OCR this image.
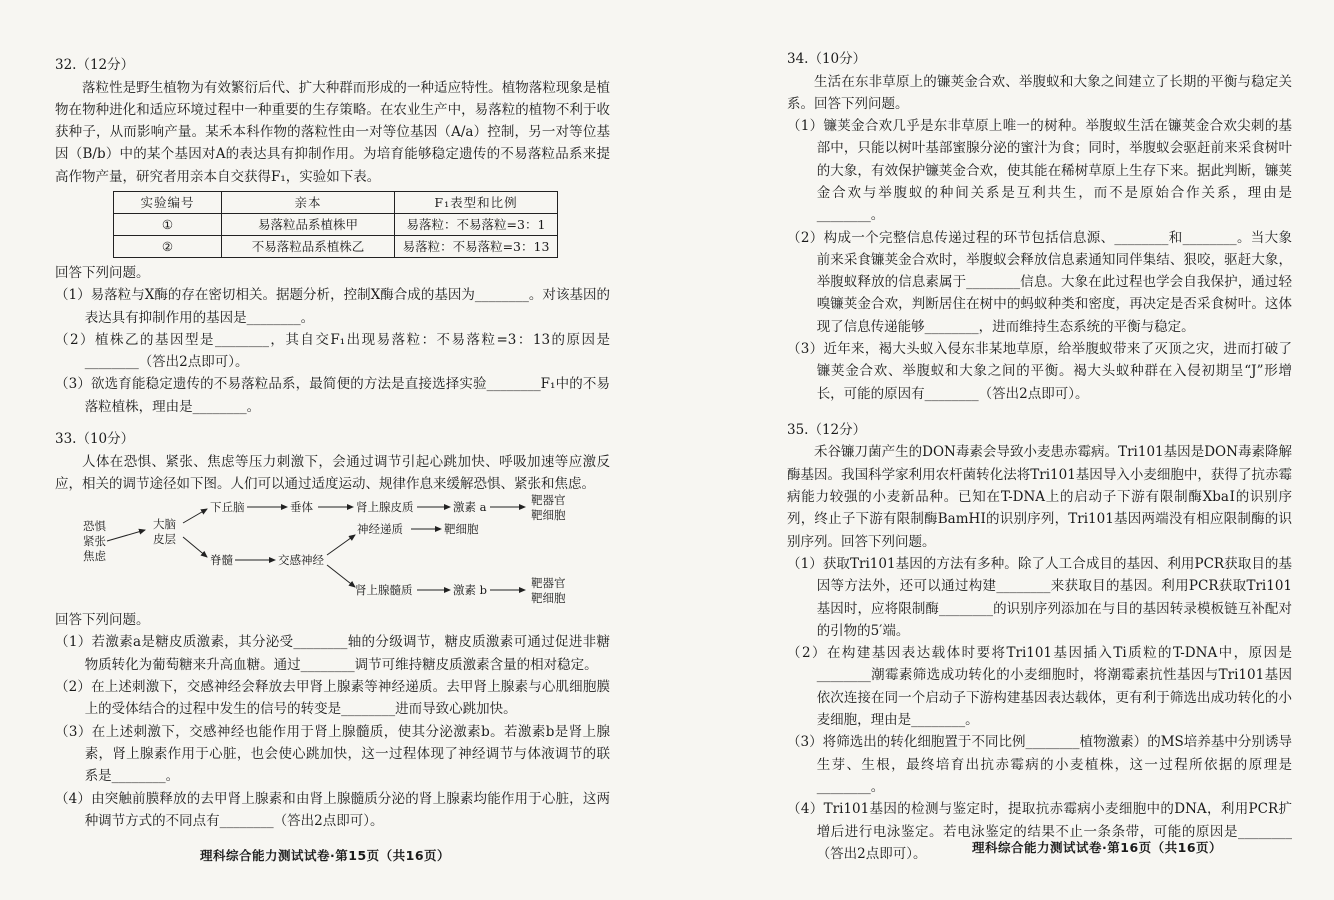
32.（12分）

落粒性是野生植物为有效繁衍后代、扩大种群而形成的一种适应特性。植物落粒现象是植物在物种进化和适应环境过程中一种重要的生存策略。在农业生产中，易落粒的植物不利于收获种子，从而影响产量。某禾本科作物的落粒性由一对等位基因（A/a）控制，另一对等位基因（B/b）中的某个基因对A的表达具有抑制作用。为培育能够稳定遗传的不易落粒品系来提高作物产量，研究者用亲本自交获得F₁，实验如下表。

实验编号	亲本	F₁表型和比例
①	易落粒品系植株甲	易落粒：不易落粒=3：1
②	不易落粒品系植株乙	易落粒：不易落粒=3：13

回答下列问题。

（1）易落粒与X酶的存在密切相关。据题分析，控制X酶合成的基因为________。对该基因的表达具有抑制作用的基因是________。

（2）植株乙的基因型是________，其自交F₁出现易落粒：不易落粒=3：13的原因是________（答出2点即可）。

（3）欲选育能稳定遗传的不易落粒品系，最简便的方法是直接选择实验________F₁中的不易落粒植株，理由是________。

33.（10分）

人体在恐惧、紧张、焦虑等压力刺激下，会通过调节引起心跳加快、呼吸加速等应激反应，相关的调节途径如下图。人们可以通过适度运动、规律作息来缓解恐惧、紧张和焦虑。

恐惧
紧张
焦虑
大脑
皮层
下丘脑	垂体	肾上腺皮质	激素 a	靶器官
靶细胞
脊髓	交感神经
神经递质	靶细胞
肾上腺髓质	激素 b	靶器官
靶细胞

回答下列问题。

（1）若激素a是糖皮质激素，其分泌受________轴的分级调节，糖皮质激素可通过促进非糖物质转化为葡萄糖来升高血糖。通过________调节可维持糖皮质激素含量的相对稳定。

（2）在上述刺激下，交感神经会释放去甲肾上腺素等神经递质。去甲肾上腺素与心肌细胞膜上的受体结合的过程中发生的信号的转变是________进而导致心跳加快。

（3）在上述刺激下，交感神经也能作用于肾上腺髓质，使其分泌激素b。若激素b是肾上腺素，肾上腺素作用于心脏，也会使心跳加快，这一过程体现了神经调节与体液调节的联系是________。

（4）由突触前膜释放的去甲肾上腺素和由肾上腺髓质分泌的肾上腺素均能作用于心脏，这两种调节方式的不同点有________（答出2点即可）。

理科综合能力测试试卷·第15页（共16页）

34.（10分）

生活在东非草原上的镰荚金合欢、举腹蚁和大象之间建立了长期的平衡与稳定关系。回答下列问题。

（1）镰荚金合欢几乎是东非草原上唯一的树种。举腹蚁生活在镰荚金合欢尖刺的基部中，只能以树叶基部蜜腺分泌的蜜汁为食；同时，举腹蚁会驱赶前来采食树叶的大象，有效保护镰荚金合欢，使其能在稀树草原上生存下来。据此判断，镰荚金合欢与举腹蚁的种间关系是互利共生，而不是原始合作关系，理由是________。

（2）构成一个完整信息传递过程的环节包括信息源、________和________。当大象前来采食镰荚金合欢时，举腹蚁会释放信息素通知同伴集结、狠咬，驱赶大象，举腹蚁释放的信息素属于________信息。大象在此过程也学会自我保护，通过轻嗅镰荚金合欢，判断居住在树中的蚂蚁种类和密度，再决定是否采食树叶。这体现了信息传递能够________，进而维持生态系统的平衡与稳定。

（3）近年来，褐大头蚁入侵东非某地草原，给举腹蚁带来了灭顶之灾，进而打破了镰荚金合欢、举腹蚁和大象之间的平衡。褐大头蚁种群在入侵初期呈“J”形增长，可能的原因有________（答出2点即可）。

35.（12分）

禾谷镰刀菌产生的DON毒素会导致小麦患赤霉病。Tri101基因是DON毒素降解酶基因。我国科学家利用农杆菌转化法将Tri101基因导入小麦细胞中，获得了抗赤霉病能力较强的小麦新品种。已知在T-DNA上的启动子下游有限制酶XbaⅠ的识别序列，终止子下游有限制酶BamHⅠ的识别序列，Tri101基因两端没有相应限制酶的识别序列。回答下列问题。

（1）获取Tri101基因的方法有多种。除了人工合成目的基因、利用PCR获取目的基因等方法外，还可以通过构建________来获取目的基因。利用PCR获取Tri101基因时，应将限制酶________的识别序列添加在与目的基因转录模板链互补配对的引物的5′端。

（2）在构建基因表达载体时要将Tri101基因插入Ti质粒的T-DNA中，原因是________潮霉素筛选成功转化的小麦细胞时，将潮霉素抗性基因与Tri101基因依次连接在同一个启动子下游构建基因表达载体，更有利于筛选出成功转化的小麦细胞，理由是________。

（3）将筛选出的转化细胞置于不同比例________植物激素）的MS培养基中分别诱导生芽、生根，最终培育出抗赤霉病的小麦植株，这一过程所依据的原理是________。

（4）Tri101基因的检测与鉴定时，提取抗赤霉病小麦细胞中的DNA，利用PCR扩增后进行电泳鉴定。若电泳鉴定的结果不止一条条带，可能的原因是________（答出2点即可）。	理科综合能力测试试卷·第16页（共16页）
